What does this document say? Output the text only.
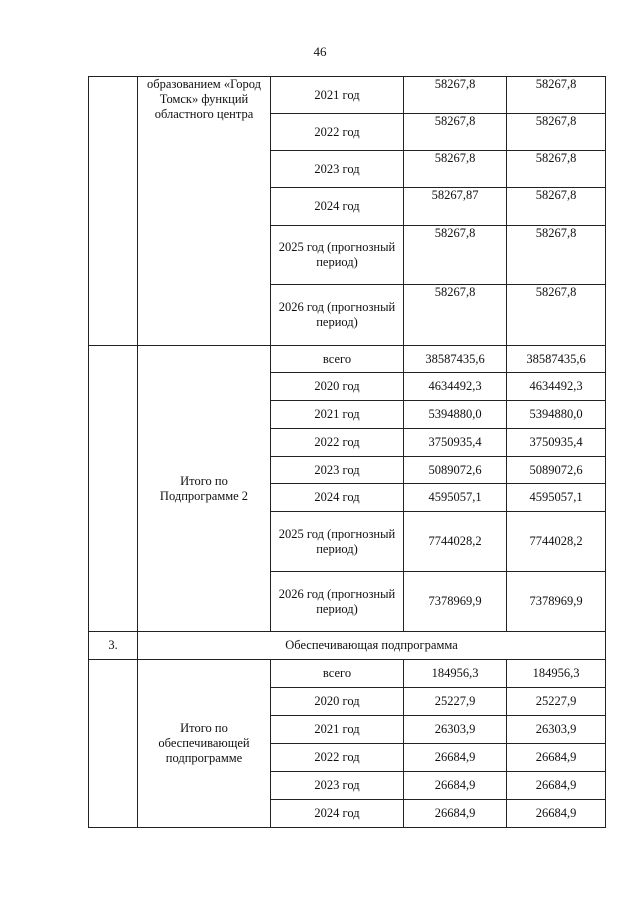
46
	образованием «Город Томск» функций областного центра	2021 год	58267,8	58267,8
		2022 год	58267,8	58267,8
		2023 год	58267,8	58267,8
		2024 год	58267,87	58267,8
		2025 год (прогнозный период)	58267,8	58267,8
		2026 год (прогнозный период)	58267,8	58267,8
	Итого по Подпрограмме 2	всего	38587435,6	38587435,6
		2020 год	4634492,3	4634492,3
		2021 год	5394880,0	5394880,0
		2022 год	3750935,4	3750935,4
		2023 год	5089072,6	5089072,6
		2024 год	4595057,1	4595057,1
		2025 год (прогнозный период)	7744028,2	7744028,2
		2026 год (прогнозный период)	7378969,9	7378969,9
3.	Обеспечивающая подпрограмма			
	Итого по обеспечивающей подпрограмме	всего	184956,3	184956,3
		2020 год	25227,9	25227,9
		2021 год	26303,9	26303,9
		2022 год	26684,9	26684,9
		2023 год	26684,9	26684,9
		2024 год	26684,9	26684,9
